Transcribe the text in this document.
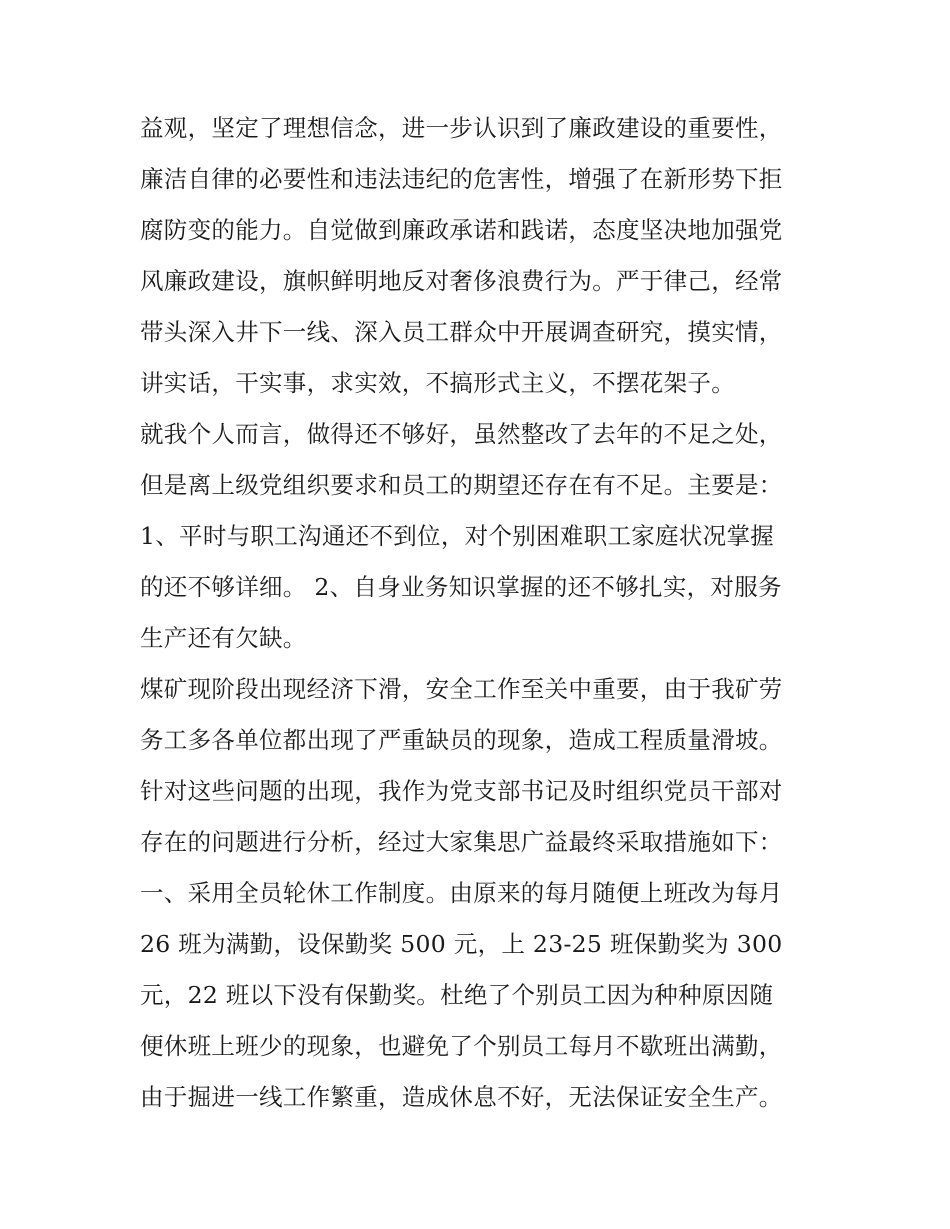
益观，坚定了理想信念，进一步认识到了廉政建设的重要性，
廉洁自律的必要性和违法违纪的危害性，增强了在新形势下拒
腐防变的能力。自觉做到廉政承诺和践诺，态度坚决地加强党
风廉政建设，旗帜鲜明地反对奢侈浪费行为。严于律己，经常
带头深入井下一线、深入员工群众中开展调查研究，摸实情，
讲实话，干实事，求实效，不搞形式主义，不摆花架子。
就我个人而言，做得还不够好，虽然整改了去年的不足之处，
但是离上级党组织要求和员工的期望还存在有不足。主要是：
1、平时与职工沟通还不到位，对个别困难职工家庭状况掌握
的还不够详细。 2、自身业务知识掌握的还不够扎实，对服务
生产还有欠缺。
煤矿现阶段出现经济下滑，安全工作至关中重要，由于我矿劳
务工多各单位都出现了严重缺员的现象，造成工程质量滑坡。
针对这些问题的出现，我作为党支部书记及时组织党员干部对
存在的问题进行分析，经过大家集思广益最终采取措施如下：
一、采用全员轮休工作制度。由原来的每月随便上班改为每月
26 班为满勤，设保勤奖 500 元，上 23-25 班保勤奖为 300
元，22 班以下没有保勤奖。杜绝了个别员工因为种种原因随
便休班上班少的现象，也避免了个别员工每月不歇班出满勤，
由于掘进一线工作繁重，造成休息不好，无法保证安全生产。
